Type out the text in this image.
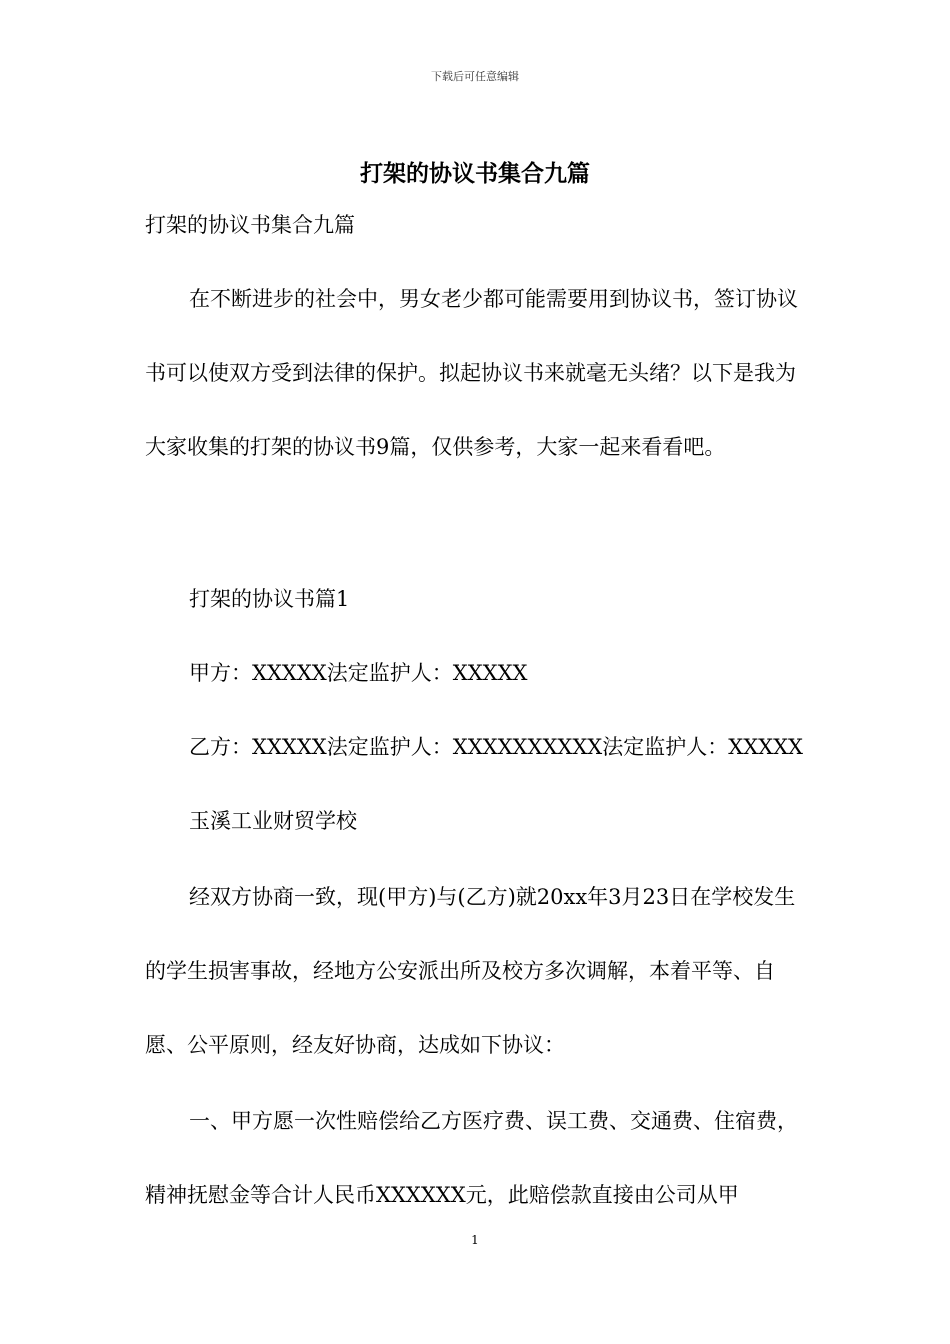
下载后可任意编辑
打架的协议书集合九篇
打架的协议书集合九篇

在不断进步的社会中，男女老少都可能需要用到协议书，签订协议书可以使双方受到法律的保护。拟起协议书来就毫无头绪？以下是我为大家收集的打架的协议书9篇，仅供参考，大家一起来看看吧。

打架的协议书篇1

甲方：XXXXX法定监护人：XXXXX

乙方：XXXXX法定监护人：XXXXXXXXXX法定监护人：XXXXX

玉溪工业财贸学校

经双方协商一致，现(甲方)与(乙方)就20xx年3月23日在学校发生的学生损害事故，经地方公安派出所及校方多次调解，本着平等、自愿、公平原则，经友好协商，达成如下协议：

一、甲方愿一次性赔偿给乙方医疗费、误工费、交通费、住宿费，精神抚慰金等合计人民币XXXXXX元，此赔偿款直接由公司从甲

1
